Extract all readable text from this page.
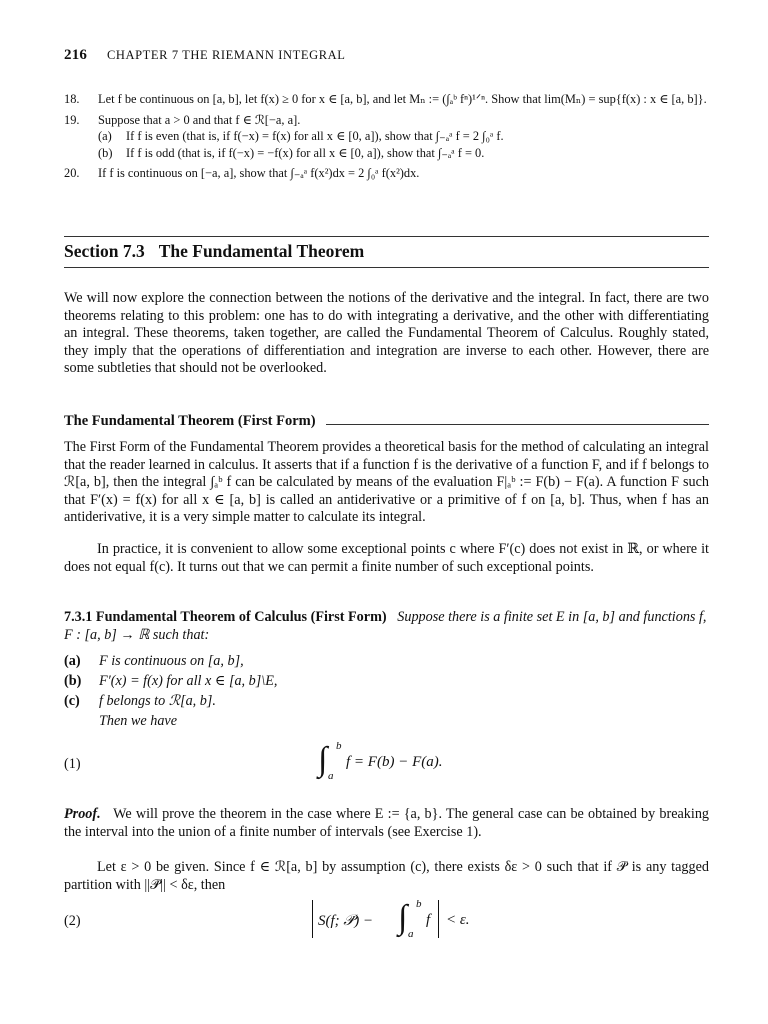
216 CHAPTER 7 THE RIEMANN INTEGRAL
18. Let f be continuous on [a, b], let f(x) ≥ 0 for x ∈ [a, b], and let Mₙ := (∫ₐᵇ fⁿ)¹ᐟⁿ. Show that lim(Mₙ) = sup{f(x) : x ∈ [a, b]}.
19. Suppose that a > 0 and that f ∈ ℛ[−a, a].
(a) If f is even (that is, if f(−x) = f(x) for all x ∈ [0, a]), show that ∫₋ₐᵃ f = 2 ∫₀ᵃ f.
(b) If f is odd (that is, if f(−x) = −f(x) for all x ∈ [0, a]), show that ∫₋ₐᵃ f = 0.
20. If f is continuous on [−a, a], show that ∫₋ₐᵃ f(x²)dx = 2 ∫₀ᵃ f(x²)dx.
Section 7.3 The Fundamental Theorem
We will now explore the connection between the notions of the derivative and the integral. In fact, there are two theorems relating to this problem: one has to do with integrating a derivative, and the other with differentiating an integral. These theorems, taken together, are called the Fundamental Theorem of Calculus. Roughly stated, they imply that the operations of differentiation and integration are inverse to each other. However, there are some subtleties that should not be overlooked.
The Fundamental Theorem (First Form)
The First Form of the Fundamental Theorem provides a theoretical basis for the method of calculating an integral that the reader learned in calculus. It asserts that if a function f is the derivative of a function F, and if f belongs to ℛ[a, b], then the integral ∫ₐᵇ f can be calculated by means of the evaluation F|ₐᵇ := F(b) − F(a). A function F such that F′(x) = f(x) for all x ∈ [a, b] is called an antiderivative or a primitive of f on [a, b]. Thus, when f has an antiderivative, it is a very simple matter to calculate its integral.
In practice, it is convenient to allow some exceptional points c where F′(c) does not exist in ℝ, or where it does not equal f(c). It turns out that we can permit a finite number of such exceptional points.
7.3.1 Fundamental Theorem of Calculus (First Form) Suppose there is a finite set E in [a, b] and functions f, F : [a, b] → ℝ such that:
(a) F is continuous on [a, b],
(b) F′(x) = f(x) for all x ∈ [a, b]\E,
(c) f belongs to ℛ[a, b].
Then we have
(1)	∫ b
a
f = F(b) − F(a).
Proof. We will prove the theorem in the case where E := {a, b}. The general case can be obtained by breaking the interval into the union of a finite number of intervals (see Exercise 1).
Let ε > 0 be given. Since f ∈ ℛ[a, b] by assumption (c), there exists δε > 0 such that if 𝒫̇ is any tagged partition with ||𝒫̇|| < δε, then
(2)	S(f; 𝒫̇) − ∫ b
a
f < ε.
